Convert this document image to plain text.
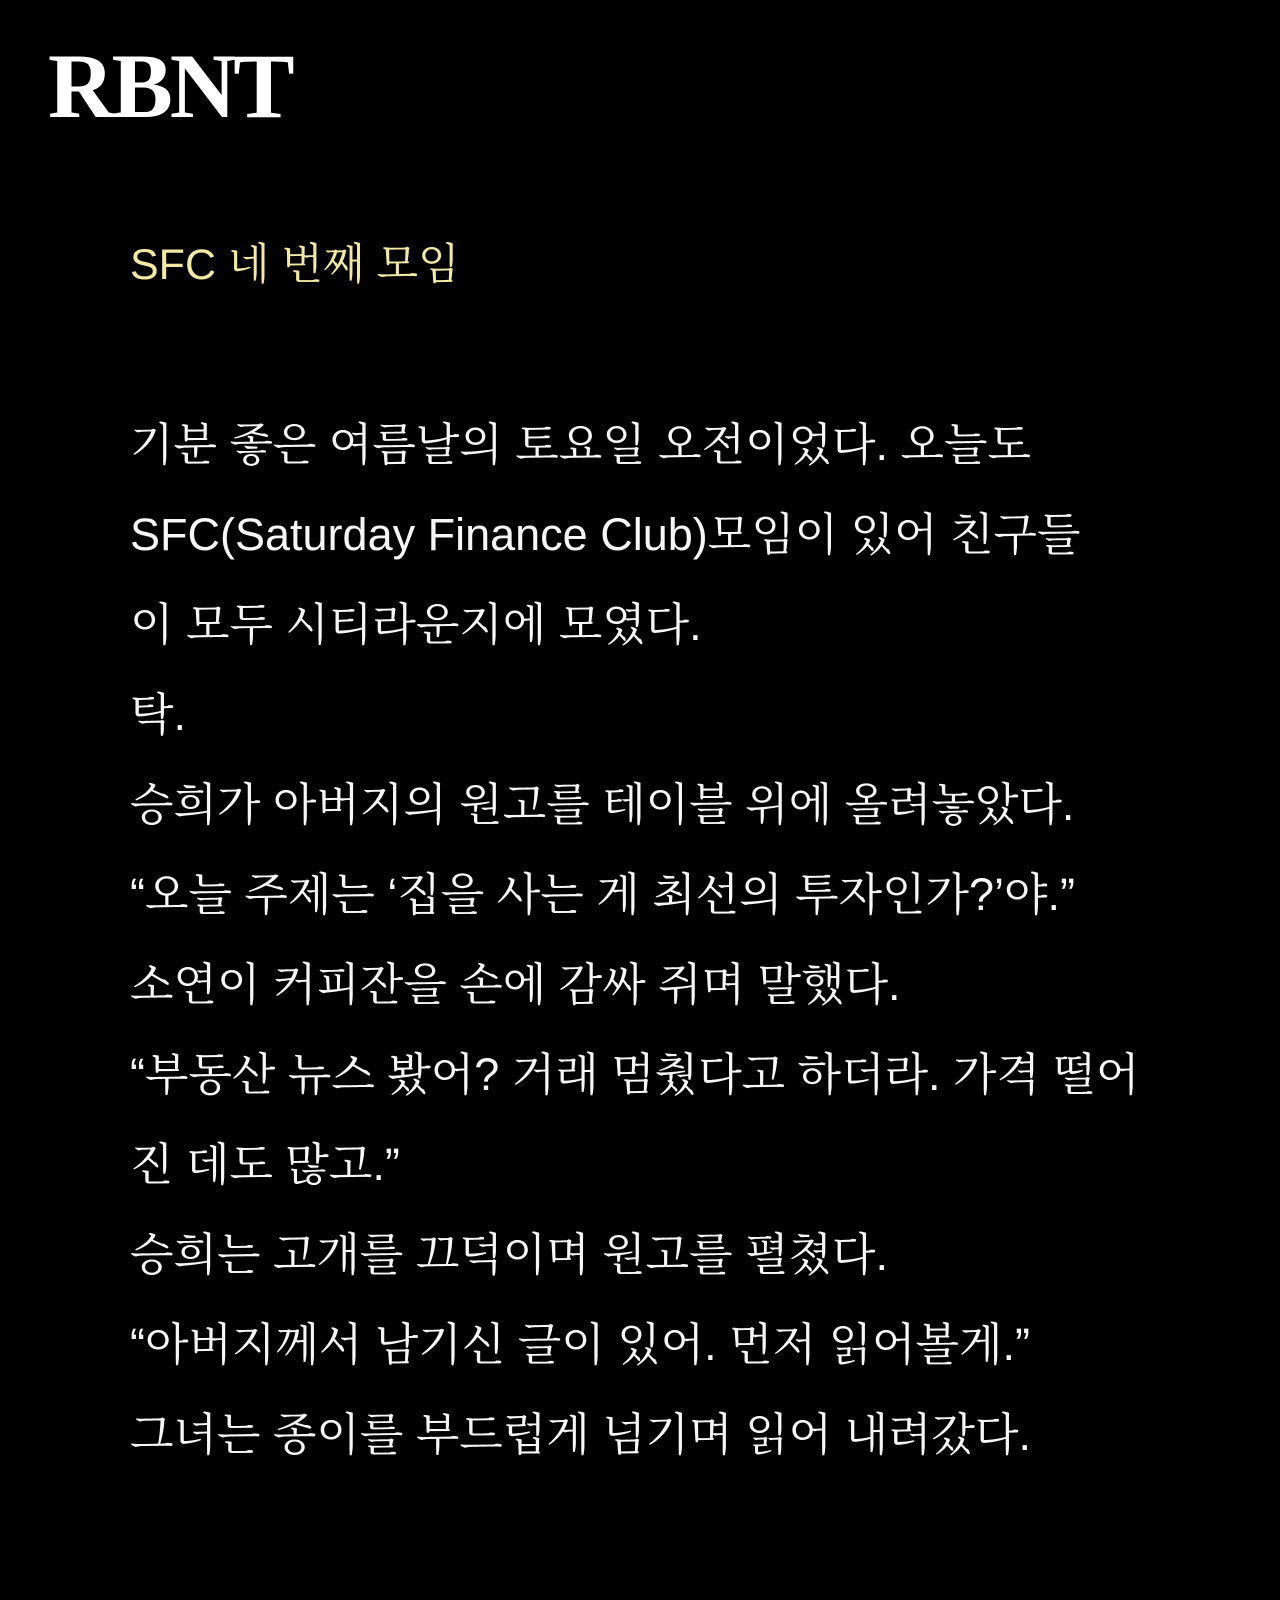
RBNT
SFC 네 번째 모임

기분 좋은 여름날의 토요일 오전이었다. 오늘도

SFC(Saturday Finance Club)모임이 있어 친구들

이 모두 시티라운지에 모였다.

탁.

승희가 아버지의 원고를 테이블 위에 올려놓았다.

“오늘 주제는 ‘집을 사는 게 최선의 투자인가?’야.”

소연이 커피잔을 손에 감싸 쥐며 말했다.

“부동산 뉴스 봤어? 거래 멈췄다고 하더라. 가격 떨어

진 데도 많고.”

승희는 고개를 끄덕이며 원고를 펼쳤다.

“아버지께서 남기신 글이 있어. 먼저 읽어볼게.”

그녀는 종이를 부드럽게 넘기며 읽어 내려갔다.
